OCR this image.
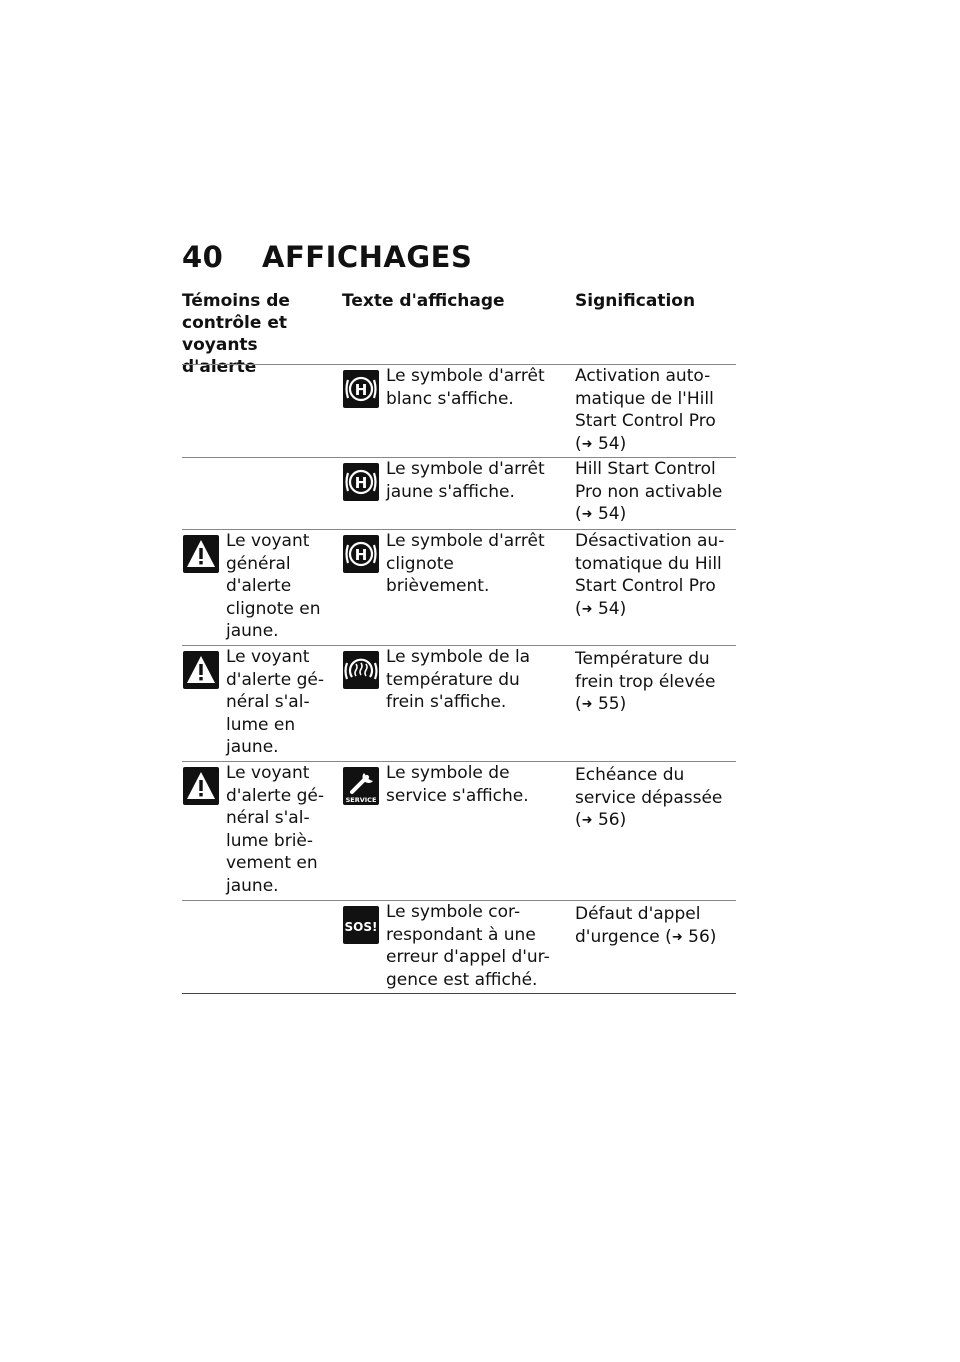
40 AFFICHAGES
Témoins de contrôle et voyants d'alerte
Texte d'affichage	Signification
H
Le symbole d'arrêt blanc s'affiche.
Activation auto-matique de l'Hill Start Control Pro
(➜ 54)
H
Le symbole d'arrêt jaune s'affiche.
Hill Start Control Pro non activable
(➜ 54)
Le voyant général d'alerte clignote en jaune.
H
Le symbole d'arrêt clignote brièvement.
Désactivation au-tomatique du Hill Start Control Pro
(➜ 54)
Le voyant d'alerte gé-néral s'al-lume en jaune.
Le symbole de la température du frein s'affiche.
Température du frein trop élevée
(➜ 55)
Le voyant d'alerte gé-néral s'al-lume briè-vement en jaune.
SERVICE
Le symbole de service s'affiche.
Echéance du service dépassée
(➜ 56)
SOS!
Le symbole cor-respondant à une erreur d'appel d'ur-gence est affiché.
Défaut d'appel d'urgence (➜ 56)
